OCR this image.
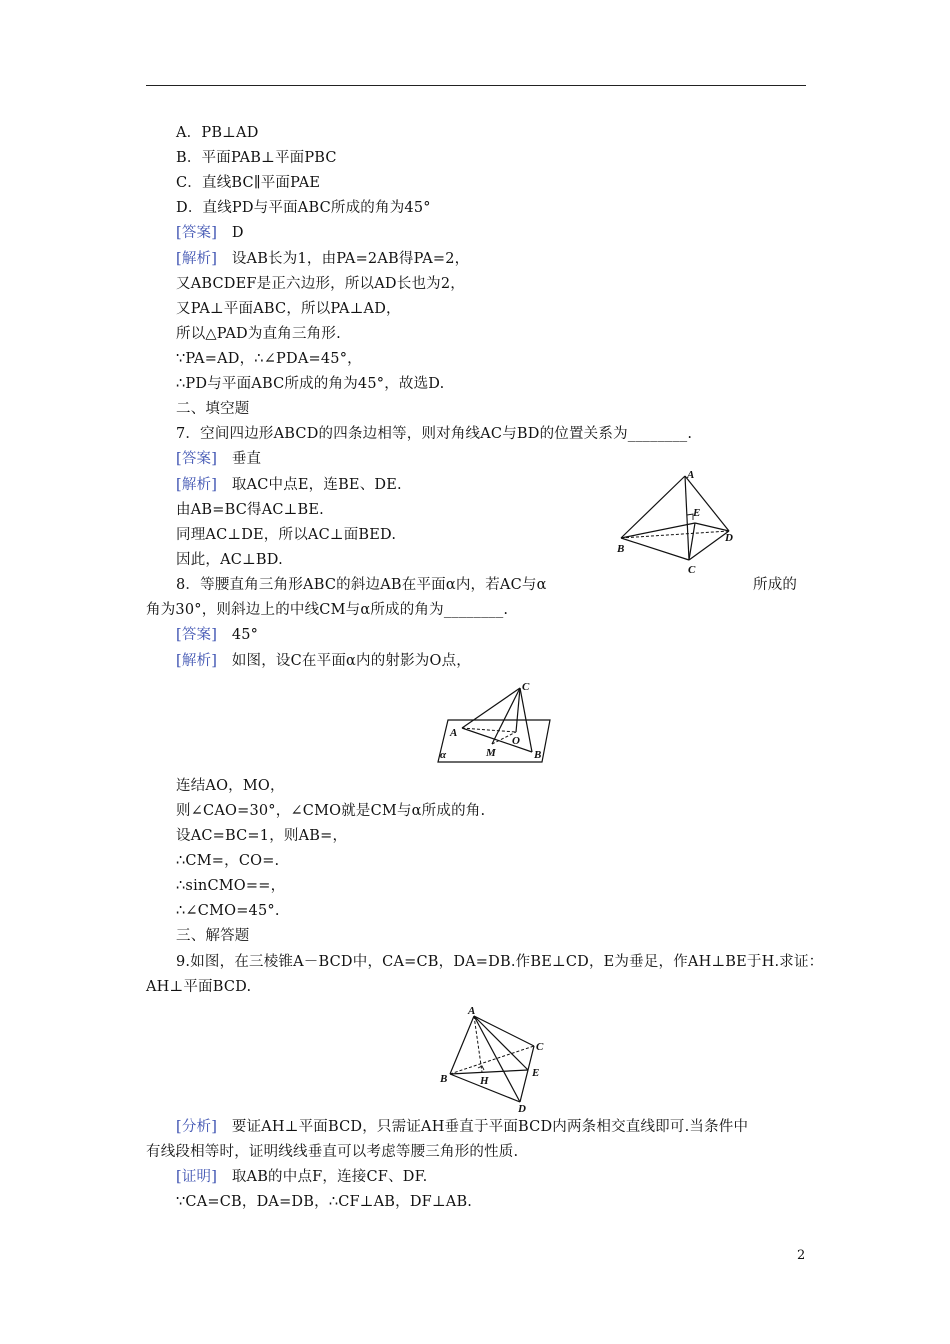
A．PB⊥AD
B．平面PAB⊥平面PBC
C．直线BC∥平面PAE
D．直线PD与平面ABC所成的角为45°
[答案]　D
[解析]　设AB长为1，由PA=2AB得PA=2，
又ABCDEF是正六边形，所以AD长也为2，
又PA⊥平面ABC，所以PA⊥AD，
所以△PAD为直角三角形.
∵PA=AD，∴∠PDA=45°，
∴PD与平面ABC所成的角为45°，故选D.
二、填空题
7．空间四边形ABCD的四条边相等，则对角线AC与BD的位置关系为________.
[答案]　垂直
[解析]　取AC中点E，连BE、DE.
由AB=BC得AC⊥BE.
同理AC⊥DE，所以AC⊥面BED.
因此，AC⊥BD.
A
E
B
D
C
8．等腰直角三角形ABC的斜边AB在平面α内，若AC与α	所成的
角为30°，则斜边上的中线CM与α所成的角为________.
[答案]　45°
[解析]　如图，设C在平面α内的射影为O点，
C
A
O
M	B
α
连结AO，MO，
则∠CAO=30°，∠CMO就是CM与α所成的角.
设AC=BC=1，则AB=，
∴CM=，CO=.
∴sinCMO==，
∴∠CMO=45°.
三、解答题
9.如图，在三棱锥A－BCD中，CA=CB，DA=DB.作BE⊥CD，E为垂足，作AH⊥BE于H.求证：
AH⊥平面BCD.
A
C
B	E
H
D
[分析]　要证AH⊥平面BCD，只需证AH垂直于平面BCD内两条相交直线即可.当条件中
有线段相等时，证明线线垂直可以考虑等腰三角形的性质.
[证明]　取AB的中点F，连接CF、DF.
∵CA=CB，DA=DB，∴CF⊥AB，DF⊥AB.
2
